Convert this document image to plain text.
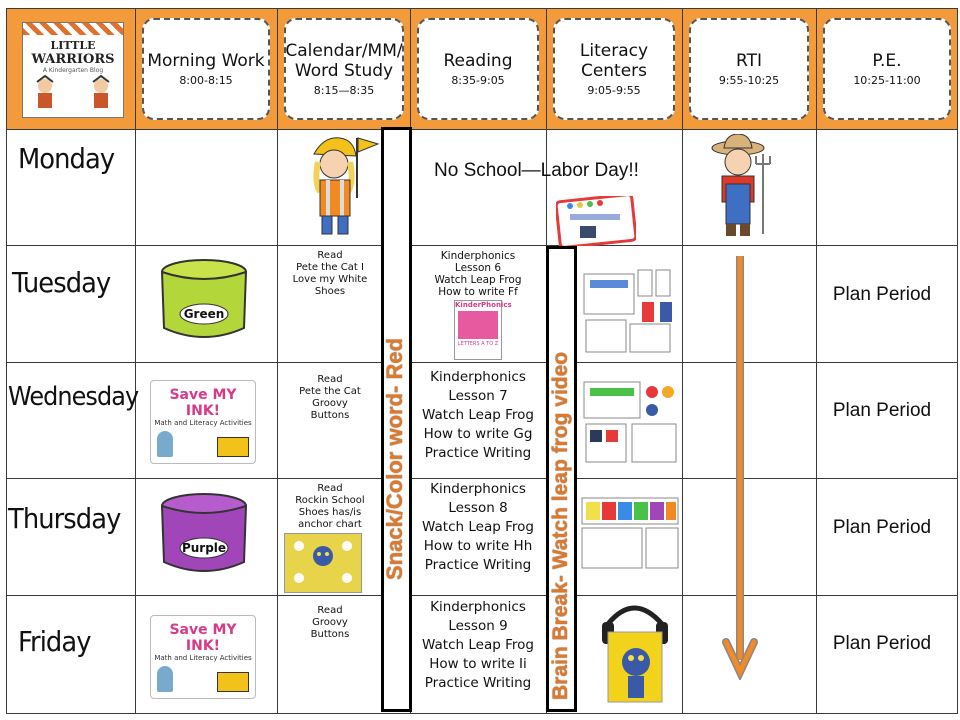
LITTLE
WARRIORS
A Kindergarten Blog	Morning Work
8:00-8:15
Calendar/MM/ Word Study
8:15—8:35
Reading
8:35-9:05
Literacy Centers
9:05-9:55
RTI
9:55-10:25
P.E.
10:25-11:00
Monday
Tuesday
Wednesday
Thursday
Friday
No School—Labor Day!!
Green
Save MY INK!
Math and Literacy Activities
Purple
Save MY INK!
Math and Literacy Activities
Read
Pete the Cat I
Love my White
Shoes
Read
Pete the Cat
Groovy
Buttons
Read
Rockin School
Shoes has/is
anchor chart
Read
Groovy
Buttons
Snack/Color word- Red
Kinderphonics
Lesson 6
Watch Leap Frog
How to write Ff
KinderPhonics
LETTERS A TO Z
Kinderphonics
Lesson 7
Watch Leap Frog
How to write Gg
Practice Writing
Kinderphonics
Lesson 8
Watch Leap Frog
How to write Hh
Practice Writing
Kinderphonics
Lesson 9
Watch Leap Frog
How to write Ii
Practice Writing Brain Break- Watch leap frog video
Plan Period
Plan Period
Plan Period
Plan Period
